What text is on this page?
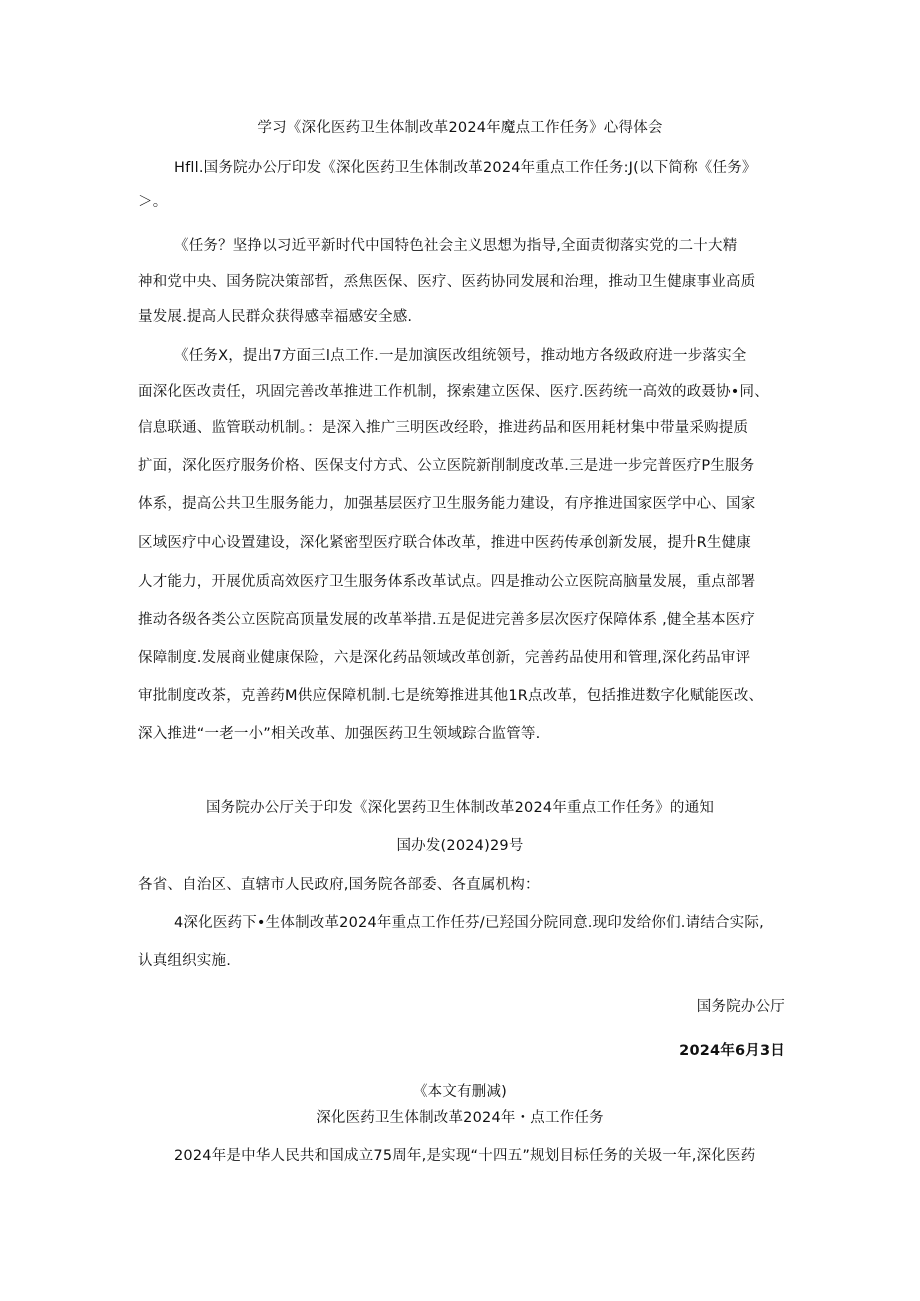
学习《深化医药卫生体制改革2024年魔点工作任务》心得体会
Hfll.国务院办公厅印发《深化医药卫生体制改革2024年重点工作任务:J(以下简称《任务》
＞。
《任务？坚挣以习近平新时代中国特色社会主义思想为指导,全面责彻落实党的二十大精
神和党中央、国务院决策部哲，烝焦医保、医疗、医药协同发展和治理，推动卫生健康事业高质
量发展.提高人民群众获得感幸福感安全感.
《任务X，提出7方面三l点工作.一是加演医改组统领号，推动地方各级政府进一步落实全
面深化医改责任，巩固完善改革推进工作机制，探索建立医保、医疗.医药统一高效的政聂协•同、
信息联通、监管联动机制。：是深入推广三明医改经聆，推进药品和医用耗材集中带量采购提质
扩面，深化医疗服务价格、医保支付方式、公立医院新削制度改革.三是进一步完普医疗P生服务
体系，提高公共卫生服务能力，加强基层医疗卫生服务能力建设，有序推进国家医学中心、国家
区域医疗中心设置建设，深化紧密型医疗联合体改革，推进中医药传承创新发展，提升R生健康
人才能力，开展优质高效医疗卫生服务体系改革试点。四是推动公立医院高脑量发展，重点部署
推动各级各类公立医院高顶量发展的改革举措.五是促进完善多层次医疗保障体系 ,健全基本医疗
保障制度.发展商业健康保险，六是深化药品领域改革创新，完善药品使用和管理,深化药品审评
审批制度改茶，克善药M供应保障机制.七是统筹推进其他1R点改革，包括推进数字化赋能医改、
深入推进“一老一小”相关改革、加强医药卫生领域踪合监管等.
国务院办公厅关于印发《深化罢药卫生体制改革2024年重点工作任务》的通知
国办发(2024)29号
各省、自治区、直辖市人民政府,国务院各部委、各直属机构：
4深化医药下•生体制改革2024年重点工作任芬/已羟国分院同意.现印发给你们.请结合实际,
认真组织实施.
国务院办公厅
2024年6月3日
《本文有删减)
深化医药卫生体制改革2024年・点工作任务
2024年是中华人民共和国成立75周年,是实现“十四五”规划目标任务的关圾一年,深化医药
